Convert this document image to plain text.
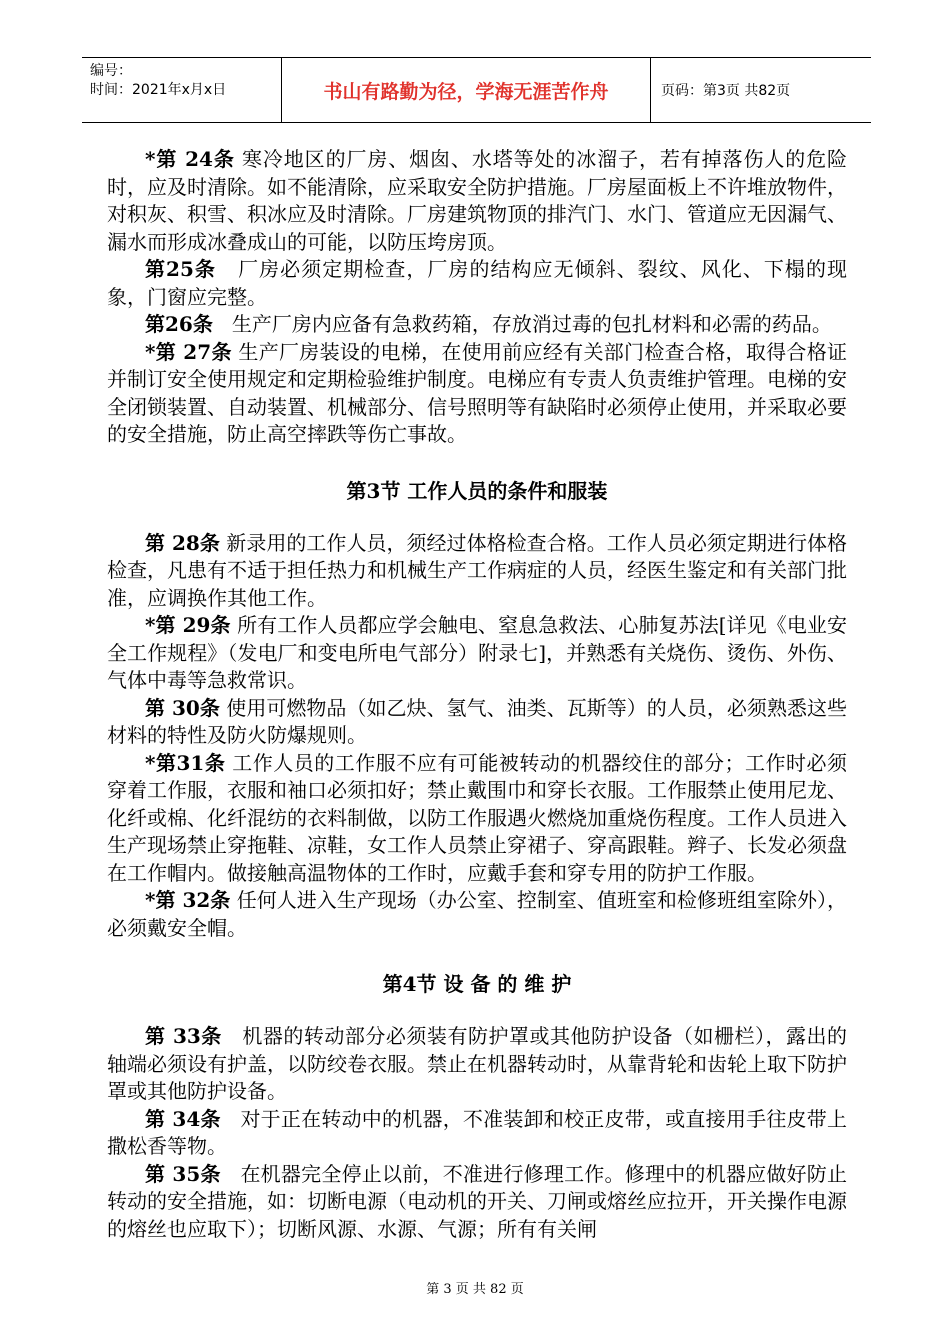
编号：
时间：2021年x月x日	书山有路勤为径，学海无涯苦作舟	页码：第3页 共82页

*第 24条 寒冷地区的厂房、烟囱、水塔等处的冰溜子，若有掉落伤人的危险时，应及时清除。如不能清除，应采取安全防护措施。厂房屋面板上不许堆放物件，对积灰、积雪、积冰应及时清除。厂房建筑物顶的排汽门、水门、管道应无因漏气、漏水而形成冰叠成山的可能，以防压垮房顶。

第25条 厂房必须定期检查，厂房的结构应无倾斜、裂纹、风化、下榻的现象，门窗应完整。

第26条 生产厂房内应备有急救药箱，存放消过毒的包扎材料和必需的药品。

*第 27条 生产厂房装设的电梯，在使用前应经有关部门检查合格，取得合格证并制订安全使用规定和定期检验维护制度。电梯应有专责人负责维护管理。电梯的安全闭锁装置、自动装置、机械部分、信号照明等有缺陷时必须停止使用，并采取必要的安全措施，防止高空摔跌等伤亡事故。

第3节 工作人员的条件和服装

第 28条 新录用的工作人员，须经过体格检查合格。工作人员必须定期进行体格检查，凡患有不适于担任热力和机械生产工作病症的人员，经医生鉴定和有关部门批准，应调换作其他工作。

*第 29条 所有工作人员都应学会触电、窒息急救法、心肺复苏法[详见《电业安全工作规程》（发电厂和变电所电气部分）附录七]，并熟悉有关烧伤、烫伤、外伤、气体中毒等急救常识。

第 30条 使用可燃物品（如乙炔、氢气、油类、瓦斯等）的人员，必须熟悉这些材料的特性及防火防爆规则。

*第31条 工作人员的工作服不应有可能被转动的机器绞住的部分；工作时必须穿着工作服，衣服和袖口必须扣好；禁止戴围巾和穿长衣服。工作服禁止使用尼龙、化纤或棉、化纤混纺的衣料制做，以防工作服遇火燃烧加重烧伤程度。工作人员进入生产现场禁止穿拖鞋、凉鞋，女工作人员禁止穿裙子、穿高跟鞋。辫子、长发必须盘在工作帽内。做接触高温物体的工作时，应戴手套和穿专用的防护工作服。

*第 32条 任何人进入生产现场（办公室、控制室、值班室和检修班组室除外），必须戴安全帽。

第4节 设 备 的 维 护

第 33条 机器的转动部分必须装有防护罩或其他防护设备（如栅栏），露出的轴端必须设有护盖，以防绞卷衣服。禁止在机器转动时，从靠背轮和齿轮上取下防护罩或其他防护设备。

第 34条 对于正在转动中的机器，不准装卸和校正皮带，或直接用手往皮带上撒松香等物。

第 35条 在机器完全停止以前，不准进行修理工作。修理中的机器应做好防止转动的安全措施，如：切断电源（电动机的开关、刀闸或熔丝应拉开，开关操作电源的熔丝也应取下）；切断风源、水源、气源；所有有关闸

第 3 页 共 82 页
